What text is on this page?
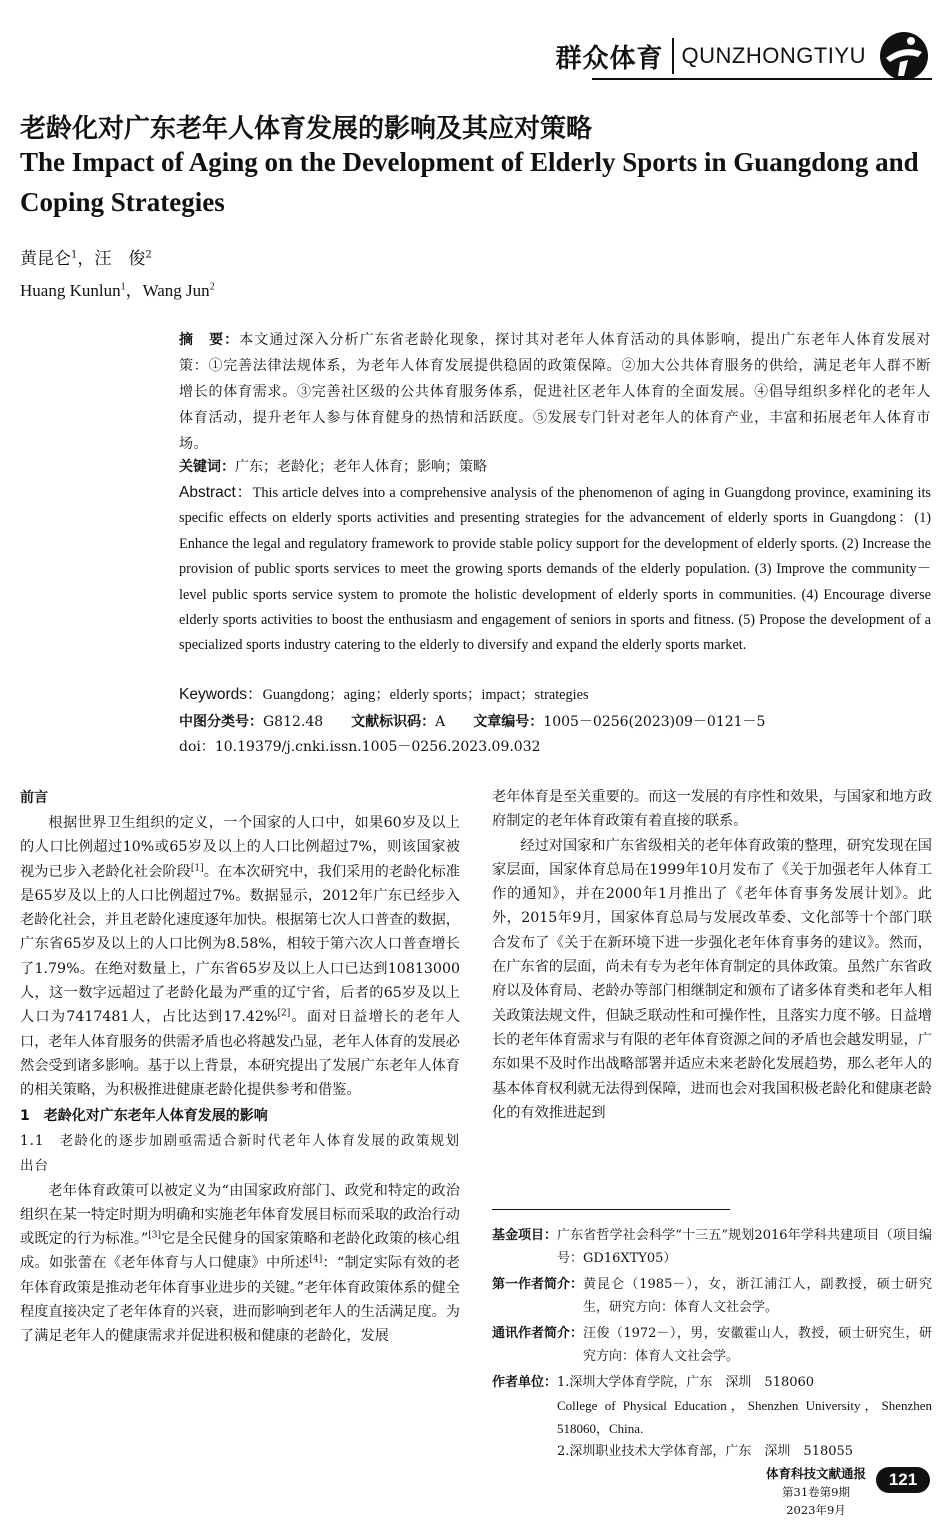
群众体育 QUNZHONGTIYU
老龄化对广东老年人体育发展的影响及其应对策略
The Impact of Aging on the Development of Elderly Sports in Guangdong and Coping Strategies
黄昆仑$^1$，汪　俊$^2$
Huang Kunlun$^1$，Wang Jun$^2$
摘　要：本文通过深入分析广东省老龄化现象，探讨其对老年人体育活动的具体影响，提出广东老年人体育发展对策：①完善法律法规体系，为老年人体育发展提供稳固的政策保障。②加大公共体育服务的供给，满足老年人群不断增长的体育需求。③完善社区级的公共体育服务体系，促进社区老年人体育的全面发展。④倡导组织多样化的老年人体育活动，提升老年人参与体育健身的热情和活跃度。⑤发展专门针对老年人的体育产业，丰富和拓展老年人体育市场。
关键词：广东；老龄化；老年人体育；影响；策略
Abstract：This article delves into a comprehensive analysis of the phenomenon of aging in Guangdong province, examining its specific effects on elderly sports activities and presenting strategies for the advancement of elderly sports in Guangdong：(1) Enhance the legal and regulatory framework to provide stable policy support for the development of elderly sports. (2) Increase the provision of public sports services to meet the growing sports demands of the elderly population. (3) Improve the community－level public sports service system to promote the holistic development of elderly sports in communities. (4) Encourage diverse elderly sports activities to boost the enthusiasm and engagement of seniors in sports and fitness. (5) Propose the development of a specialized sports industry catering to the elderly to diversify and expand the elderly sports market.
Keywords：Guangdong；aging；elderly sports；impact；strategies
中图分类号：G812.48 文献标识码：A 文章编号：1005－0256(2023)09－0121－5
doi：10.19379/j.cnki.issn.1005－0256.2023.09.032
前言

根据世界卫生组织的定义，一个国家的人口中，如果60岁及以上的人口比例超过10%或65岁及以上的人口比例超过7%，则该国家被视为已步入老龄化社会阶段[1]。在本次研究中，我们采用的老龄化标准是65岁及以上的人口比例超过7%。数据显示，2012年广东已经步入老龄化社会，并且老龄化速度逐年加快。根据第七次人口普查的数据，广东省65岁及以上的人口比例为8.58%，相较于第六次人口普查增长了1.79%。在绝对数量上，广东省65岁及以上人口已达到10813000人，这一数字远超过了老龄化最为严重的辽宁省，后者的65岁及以上人口为7417481人，占比达到17.42%[2]。面对日益增长的老年人口，老年人体育服务的供需矛盾也必将越发凸显，老年人体育的发展必然会受到诸多影响。基于以上背景，本研究提出了发展广东老年人体育的相关策略，为积极推进健康老龄化提供参考和借鉴。

1　老龄化对广东老年人体育发展的影响
1.1　老龄化的逐步加剧亟需适合新时代老年人体育发展的政策规划出台

老年体育政策可以被定义为“由国家政府部门、政党和特定的政治组织在某一特定时期为明确和实施老年体育发展目标而采取的政治行动或既定的行为标准。”[3]它是全民健身的国家策略和老龄化政策的核心组成。如张蕾在《老年体育与人口健康》中所述[4]：“制定实际有效的老年体育政策是推动老年体育事业进步的关键。”老年体育政策体系的健全程度直接决定了老年体育的兴衰，进而影响到老年人的生活满足度。为了满足老年人的健康需求并促进积极和健康的老龄化，发展

老年体育是至关重要的。而这一发展的有序性和效果，与国家和地方政府制定的老年体育政策有着直接的联系。

经过对国家和广东省级相关的老年体育政策的整理，研究发现在国家层面，国家体育总局在1999年10月发布了《关于加强老年人体育工作的通知》，并在2000年1月推出了《老年体育事务发展计划》。此外，2015年9月，国家体育总局与发展改革委、文化部等十个部门联合发布了《关于在新环境下进一步强化老年体育事务的建议》。然而，在广东省的层面，尚未有专为老年体育制定的具体政策。虽然广东省政府以及体育局、老龄办等部门相继制定和颁布了诸多体育类和老年人相关政策法规文件，但缺乏联动性和可操作性，且落实力度不够。日益增长的老年体育需求与有限的老年体育资源之间的矛盾也会越发明显，广东如果不及时作出战略部署并适应未来老龄化发展趋势，那么老年人的基本体育权利就无法得到保障，进而也会对我国积极老龄化和健康老龄化的有效推进起到

基金项目： 广东省哲学社会科学“十三五”规划2016年学科共建项目（项目编号：GD16XTY05）
第一作者简介： 黄昆仑（1985－），女，浙江浦江人，副教授，硕士研究生，研究方向：体育人文社会学。
通讯作者简介： 汪俊（1972－），男，安徽霍山人，教授，硕士研究生，研究方向：体育人文社会学。
作者单位： 1.深圳大学体育学院，广东　深圳　518060
College of Physical Education，Shenzhen University，Shenzhen 518060，China.
2.深圳职业技术大学体育部，广东　深圳　518055
体育科技文献通报
第31卷第9期
2023年9月
121
